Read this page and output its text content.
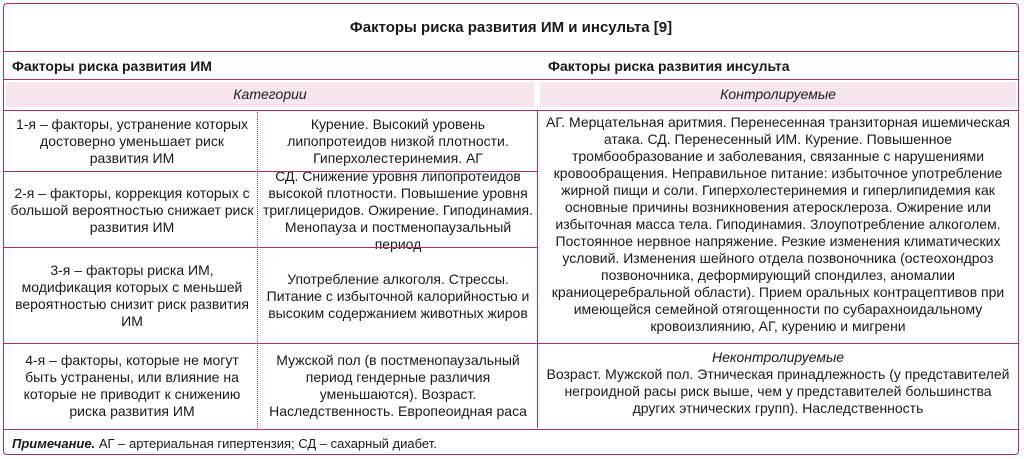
Факторы риска развития ИМ и инсульта [9]
Факторы риска развития ИМ	Факторы риска развития инсульта
Категории	Контролируемые
1-я – факторы, устранение которых достоверно уменьшает риск развития ИМ
2-я – факторы, коррекция которых с большой вероятностью снижает риск развития ИМ
3-я – факторы риска ИМ, модификация которых с меньшей вероятностью снизит риск развития ИМ
4-я – факторы, которые не могут быть устранены, или влияние на которые не приводит к снижению риска развития ИМ
Курение. Высокий уровень липопротеидов низкой плотности. Гиперхолестеринемия. АГ
СД. Снижение уровня липопротеидов высокой плотности. Повышение уровня триглицеридов. Ожирение. Гиподинамия. Менопауза и постменопаузальный период
Употребление алкоголя. Стрессы. Питание с избыточной калорийностью и высоким содержанием животных жиров
Мужской пол (в постменопаузальный период гендерные различия уменьшаются). Возраст. Наследственность. Европеоидная раса
АГ. Мерцательная аритмия. Перенесенная транзиторная ишемическая атака. СД. Перенесенный ИМ. Курение. Повышенное тромбообразование и заболевания, связанные с нарушениями кровообращения. Неправильное питание: избыточное употребление жирной пищи и соли. Гиперхолестеринемия и гиперлипидемия как основные причины возникновения атеросклероза. Ожирение или избыточная масса тела. Гиподинамия. Злоупотребление алкоголем. Постоянное нервное напряжение. Резкие изменения климатических условий. Изменения шейного отдела позвоночника (остеохондроз позвоночника, деформирующий спондилез, аномалии краниоцеребральной области). Прием оральных контрацептивов при имеющейся семейной отягощенности по субарахноидальному кровоизлиянию, АГ, курению и мигрени
Неконтролируемые
Возраст. Мужской пол. Этническая принадлежность (у представителей негроидной расы риск выше, чем у представителей большинства других этнических групп). Наследственность
Примечание. АГ – артериальная гипертензия; СД – сахарный диабет.
